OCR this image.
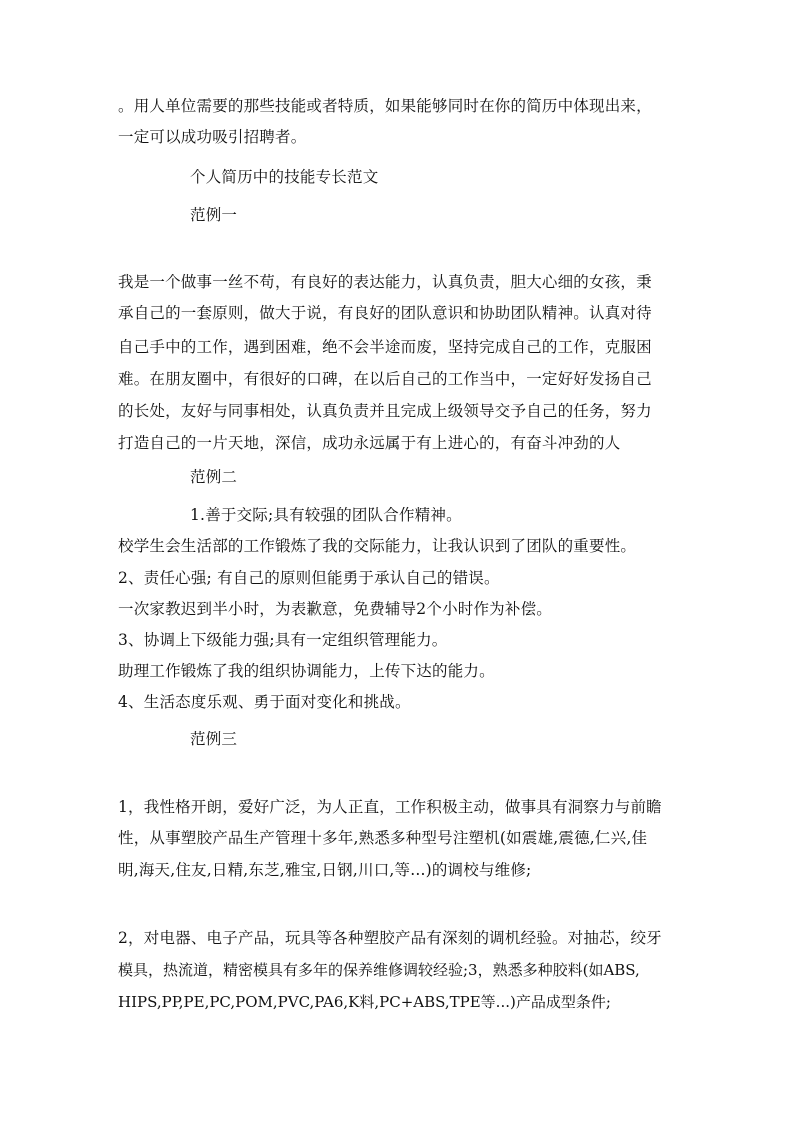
。用人单位需要的那些技能或者特质，如果能够同时在你的简历中体现出来，
一定可以成功吸引招聘者。
个人简历中的技能专长范文
范例一
我是一个做事一丝不苟，有良好的表达能力，认真负责，胆大心细的女孩，秉
承自己的一套原则，做大于说，有良好的团队意识和协助团队精神。认真对待
自己手中的工作，遇到困难，绝不会半途而废，坚持完成自己的工作，克服困
难。在朋友圈中，有很好的口碑，在以后自己的工作当中，一定好好发扬自己
的长处，友好与同事相处，认真负责并且完成上级领导交予自己的任务，努力
打造自己的一片天地，深信，成功永远属于有上进心的，有奋斗冲劲的人
范例二
1.善于交际;具有较强的团队合作精神。
校学生会生活部的工作锻炼了我的交际能力，让我认识到了团队的重要性。
2、责任心强; 有自己的原则但能勇于承认自己的错误。
一次家教迟到半小时，为表歉意，免费辅导2个小时作为补偿。
3、协调上下级能力强;具有一定组织管理能力。
助理工作锻炼了我的组织协调能力，上传下达的能力。
4、生活态度乐观、勇于面对变化和挑战。
范例三
1，我性格开朗，爱好广泛，为人正直，工作积极主动，做事具有洞察力与前瞻
性，从事塑胶产品生产管理十多年,熟悉多种型号注塑机(如震雄,震德,仁兴,佳
明,海天,住友,日精,东芝,雅宝,日钢,川口,等...)的调校与维修;
2，对电器、电子产品，玩具等各种塑胶产品有深刻的调机经验。对抽芯，绞牙
模具，热流道，精密模具有多年的保养维修调较经验;3，熟悉多种胶料(如ABS,
HIPS,PP,PE,PC,POM,PVC,PA6,K料,PC+ABS,TPE等...)产品成型条件;
